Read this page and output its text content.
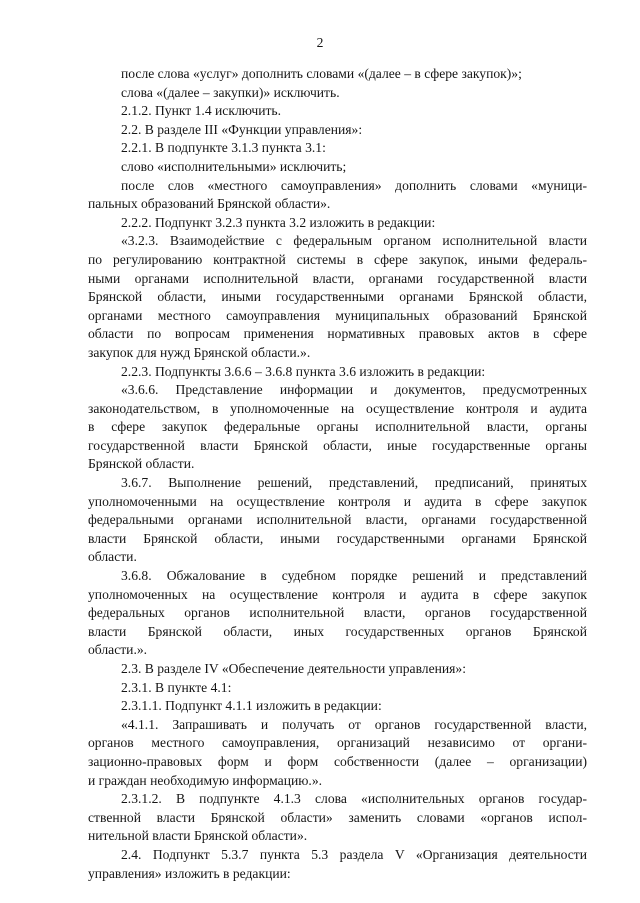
2
после слова «услуг» дополнить словами «(далее – в сфере закупок)»;
слова «(далее – закупки)» исключить.
2.1.2. Пункт 1.4 исключить.
2.2. В разделе III «Функции управления»:
2.2.1. В подпункте 3.1.3 пункта 3.1:
слово «исполнительными» исключить;
после слов «местного самоуправления» дополнить словами «муници-
пальных образований Брянской области».
2.2.2. Подпункт 3.2.3 пункта 3.2 изложить в редакции:
«3.2.3. Взаимодействие с федеральным органом исполнительной власти
по регулированию контрактной системы в сфере закупок, иными федераль-
ными органами исполнительной власти, органами государственной власти
Брянской области, иными государственными органами Брянской области,
органами местного самоуправления муниципальных образований Брянской
области по вопросам применения нормативных правовых актов в сфере
закупок для нужд Брянской области.».
2.2.3. Подпункты 3.6.6 – 3.6.8 пункта 3.6 изложить в редакции:
«3.6.6. Представление информации и документов, предусмотренных
законодательством, в уполномоченные на осуществление контроля и аудита
в сфере закупок федеральные органы исполнительной власти, органы
государственной власти Брянской области, иные государственные органы
Брянской области.
3.6.7. Выполнение решений, представлений, предписаний, принятых
уполномоченными на осуществление контроля и аудита в сфере закупок
федеральными органами исполнительной власти, органами государственной
власти Брянской области, иными государственными органами Брянской
области.
3.6.8. Обжалование в судебном порядке решений и представлений
уполномоченных на осуществление контроля и аудита в сфере закупок
федеральных органов исполнительной власти, органов государственной
власти Брянской области, иных государственных органов Брянской
области.».
2.3. В разделе IV «Обеспечение деятельности управления»:
2.3.1. В пункте 4.1:
2.3.1.1. Подпункт 4.1.1 изложить в редакции:
«4.1.1. Запрашивать и получать от органов государственной власти,
органов местного самоуправления, организаций независимо от органи-
зационно-правовых форм и форм собственности (далее – организации)
и граждан необходимую информацию.».
2.3.1.2. В подпункте 4.1.3 слова «исполнительных органов государ-
ственной власти Брянской области» заменить словами «органов испол-
нительной власти Брянской области».
2.4. Подпункт 5.3.7 пункта 5.3 раздела V «Организация деятельности
управления» изложить в редакции:
